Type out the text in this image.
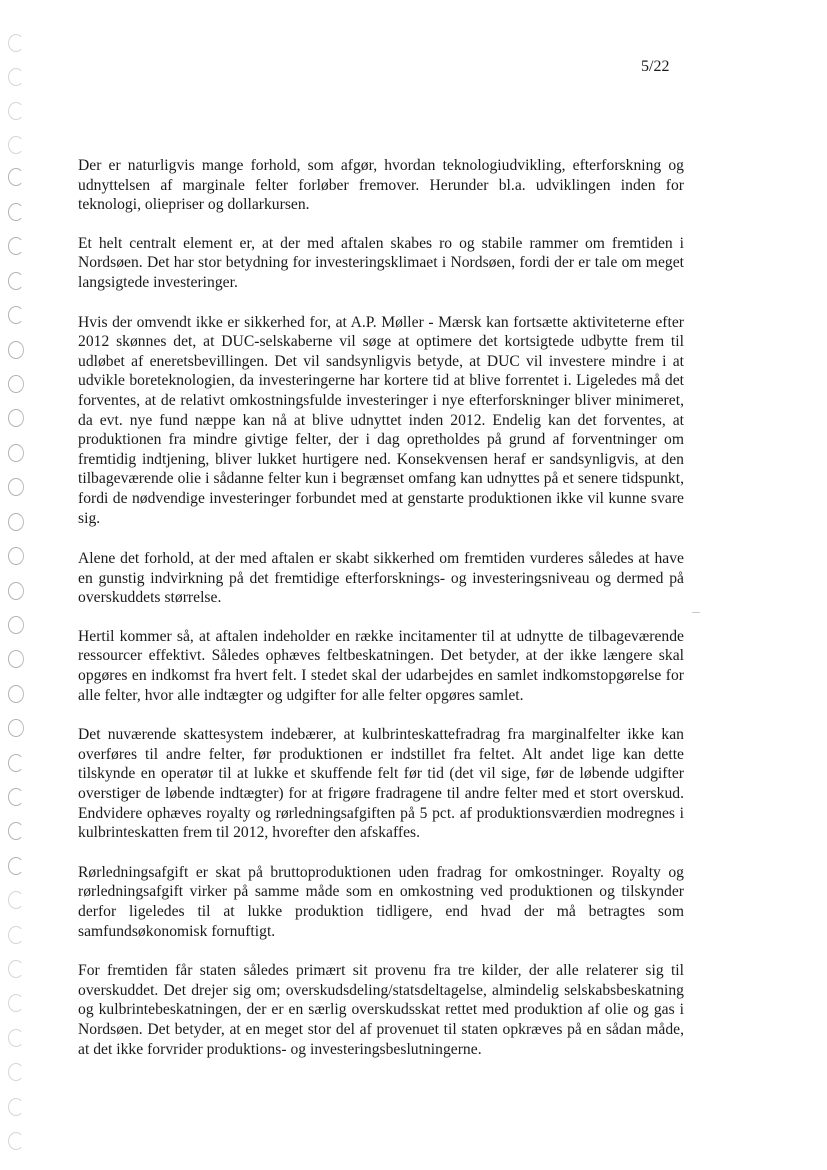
5/22

Der er naturligvis mange forhold, som afgør, hvordan teknologiudvikling, efterforskning og udnyttelsen af marginale felter forløber fremover. Herunder bl.a. udviklingen inden for teknologi, oliepriser og dollarkursen.

Et helt centralt element er, at der med aftalen skabes ro og stabile rammer om fremtiden i Nordsøen. Det har stor betydning for investeringsklimaet i Nordsøen, fordi der er tale om meget langsigtede investeringer.

Hvis der omvendt ikke er sikkerhed for, at A.P. Møller - Mærsk kan fortsætte aktiviteterne efter 2012 skønnes det, at DUC-selskaberne vil søge at optimere det kortsigtede udbytte frem til udløbet af eneretsbevillingen. Det vil sandsynligvis betyde, at DUC vil investere mindre i at udvikle boreteknologien, da investeringerne har kortere tid at blive forrentet i. Ligeledes må det forventes, at de relativt omkostningsfulde investeringer i nye efterforskninger bliver minimeret, da evt. nye fund næppe kan nå at blive udnyttet inden 2012. Endelig kan det forventes, at produktionen fra mindre givtige felter, der i dag opretholdes på grund af forventninger om fremtidig indtjening, bliver lukket hurtigere ned. Konsekvensen heraf er sandsynligvis, at den tilbageværende olie i sådanne felter kun i begrænset omfang kan udnyttes på et senere tidspunkt, fordi de nødvendige investeringer forbundet med at genstarte produktionen ikke vil kunne svare sig.

Alene det forhold, at der med aftalen er skabt sikkerhed om fremtiden vurderes således at have en gunstig indvirkning på det fremtidige efterforsknings- og investeringsniveau og dermed på overskuddets størrelse.

Hertil kommer så, at aftalen indeholder en række incitamenter til at udnytte de tilbageværende ressourcer effektivt. Således ophæves feltbeskatningen. Det betyder, at der ikke længere skal opgøres en indkomst fra hvert felt. I stedet skal der udarbejdes en samlet indkomstopgørelse for alle felter, hvor alle indtægter og udgifter for alle felter opgøres samlet.

Det nuværende skattesystem indebærer, at kulbrinteskattefradrag fra marginalfelter ikke kan overføres til andre felter, før produktionen er indstillet fra feltet. Alt andet lige kan dette tilskynde en operatør til at lukke et skuffende felt før tid (det vil sige, før de løbende udgifter overstiger de løbende indtægter) for at frigøre fradragene til andre felter med et stort overskud. Endvidere ophæves royalty og rørledningsafgiften på 5 pct. af produktionsværdien modregnes i kulbrinteskatten frem til 2012, hvorefter den afskaffes.

Rørledningsafgift er skat på bruttoproduktionen uden fradrag for omkostninger. Royalty og rørledningsafgift virker på samme måde som en omkostning ved produktionen og tilskynder derfor ligeledes til at lukke produktion tidligere, end hvad der må betragtes som samfundsøkonomisk fornuftigt.

For fremtiden får staten således primært sit provenu fra tre kilder, der alle relaterer sig til overskuddet. Det drejer sig om; overskudsdeling/statsdeltagelse, almindelig selskabsbeskatning og kulbrintebeskatningen, der er en særlig overskudsskat rettet med produktion af olie og gas i Nordsøen. Det betyder, at en meget stor del af provenuet til staten opkræves på en sådan måde, at det ikke forvrider produktions- og investeringsbeslutningerne.
